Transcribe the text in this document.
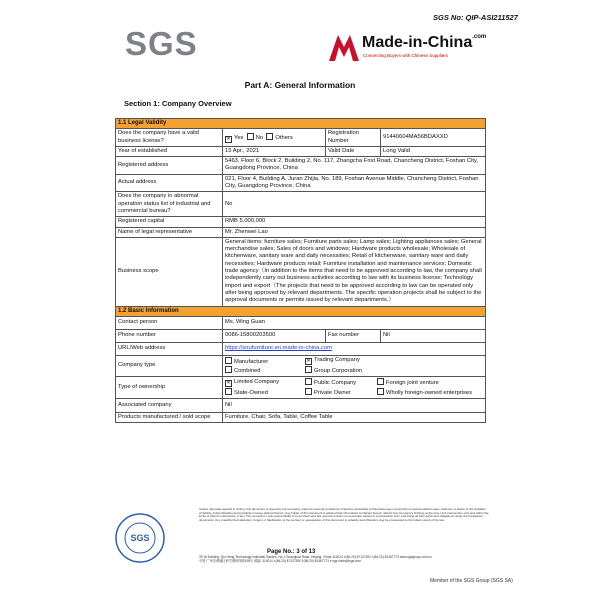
SGS No: QIP-ASI211527
SGS	Made-in-China$^{.com}$
Connecting Buyers with Chinese Suppliers
Part A: General Information
Section 1: Company Overview
1.1 Legal Validity
Does the company have a valid business license?	✕ Yes No Others	Registration Number	91440604MA56BDAXXD
Year of established	15 Apr., 2021	Valid Date	Long Valid
Registered address	5463, Floor 6, Block 2, Building 2, No. 117, Zhangcha Frist Road, Chancheng District, Foshan City, Guangdong Province, China
Actual address	021, Floor 4, Building A, Juran Zhijia, No. 189, Foshan Avenue Middle, Chancheng District, Foshan City, Guangdong Province, China
Does the company in abnormal operation status list of industrial and commercial bureau?	No
Registered capital	RMB 5,000,000
Name of legal representative	Mr. Zhenwei Lao
Business scope	General items: furniture sales; Furniture parts sales; Lamp sales; Lighting appliances sales; General merchandise sales; Sales of doors and windows; Hardware products wholesale; Wholesale of kitchenware, sanitary ware and daily necessities; Retail of kitchenware, sanitary ware and daily necessities; Hardware products retail; Furniture installation and maintenance services; Domestic trade agency（In addition to the items that need to be approved according to law, the company shall independently carry out business activities according to law with its business license; Technology import and export（The projects that need to be approved according to law can be operated only after being approved by relevant departments. The specific operation projects shall be subject to the approval documents or permits issued by relevant departments.）
1.2 Basic Information
Contact person	Ms. Wing Guan
Phone number	0086-15800203500	Fax number	Nil
URL/Web address	https://sirufurniture.en.made-in-china.com
Company type	
Manufacturer	✕ Trading Company
Combined	Group Corporation

Type of ownership	
✕ Limited Company	Public Company	Foreign joint venture
State-Owned	Private Owner	Wholly foreign-owned enterprises

Associated company	Nil
Products manufactured / sold scope	Furniture, Chair, Sofa, Table, Coffee Table
SGS
Unless otherwise agreed in writing, this document is issued by the Company under its General Conditions of Service accessible at http://www.sgs.com/en/Terms-and-Conditions.aspx. Attention is drawn to the limitation of liability, indemnification and jurisdiction issues defined therein. Any holder of this document is advised that information contained hereon reflects the Company's findings at the time of its intervention only and within the limits of Client's instructions, if any. The Company's sole responsibility is to its Client and this document does not exonerate parties to a transaction from exercising all their rights and obligations under the transaction documents. Any unauthorized alteration, forgery or falsification of the content or appearance of this document is unlawful and offenders may be prosecuted to the fullest extent of the law.
Page No.: 3 of 13
3F,16 Building, Qin Heng Technology Industrial Garden, No.1 Guanghua Road, Heping, China 310014 t (86-20) 87127300 f (86-20) 82467773 www.sgsgroup.com.cn
中国·广州市黄埔区科学城科珠路198号 邮编: 310014 t (86-20) 87127300 f (86-20) 82467773 e sgs.china@sgs.com
Member of the SGS Group (SGS SA)
